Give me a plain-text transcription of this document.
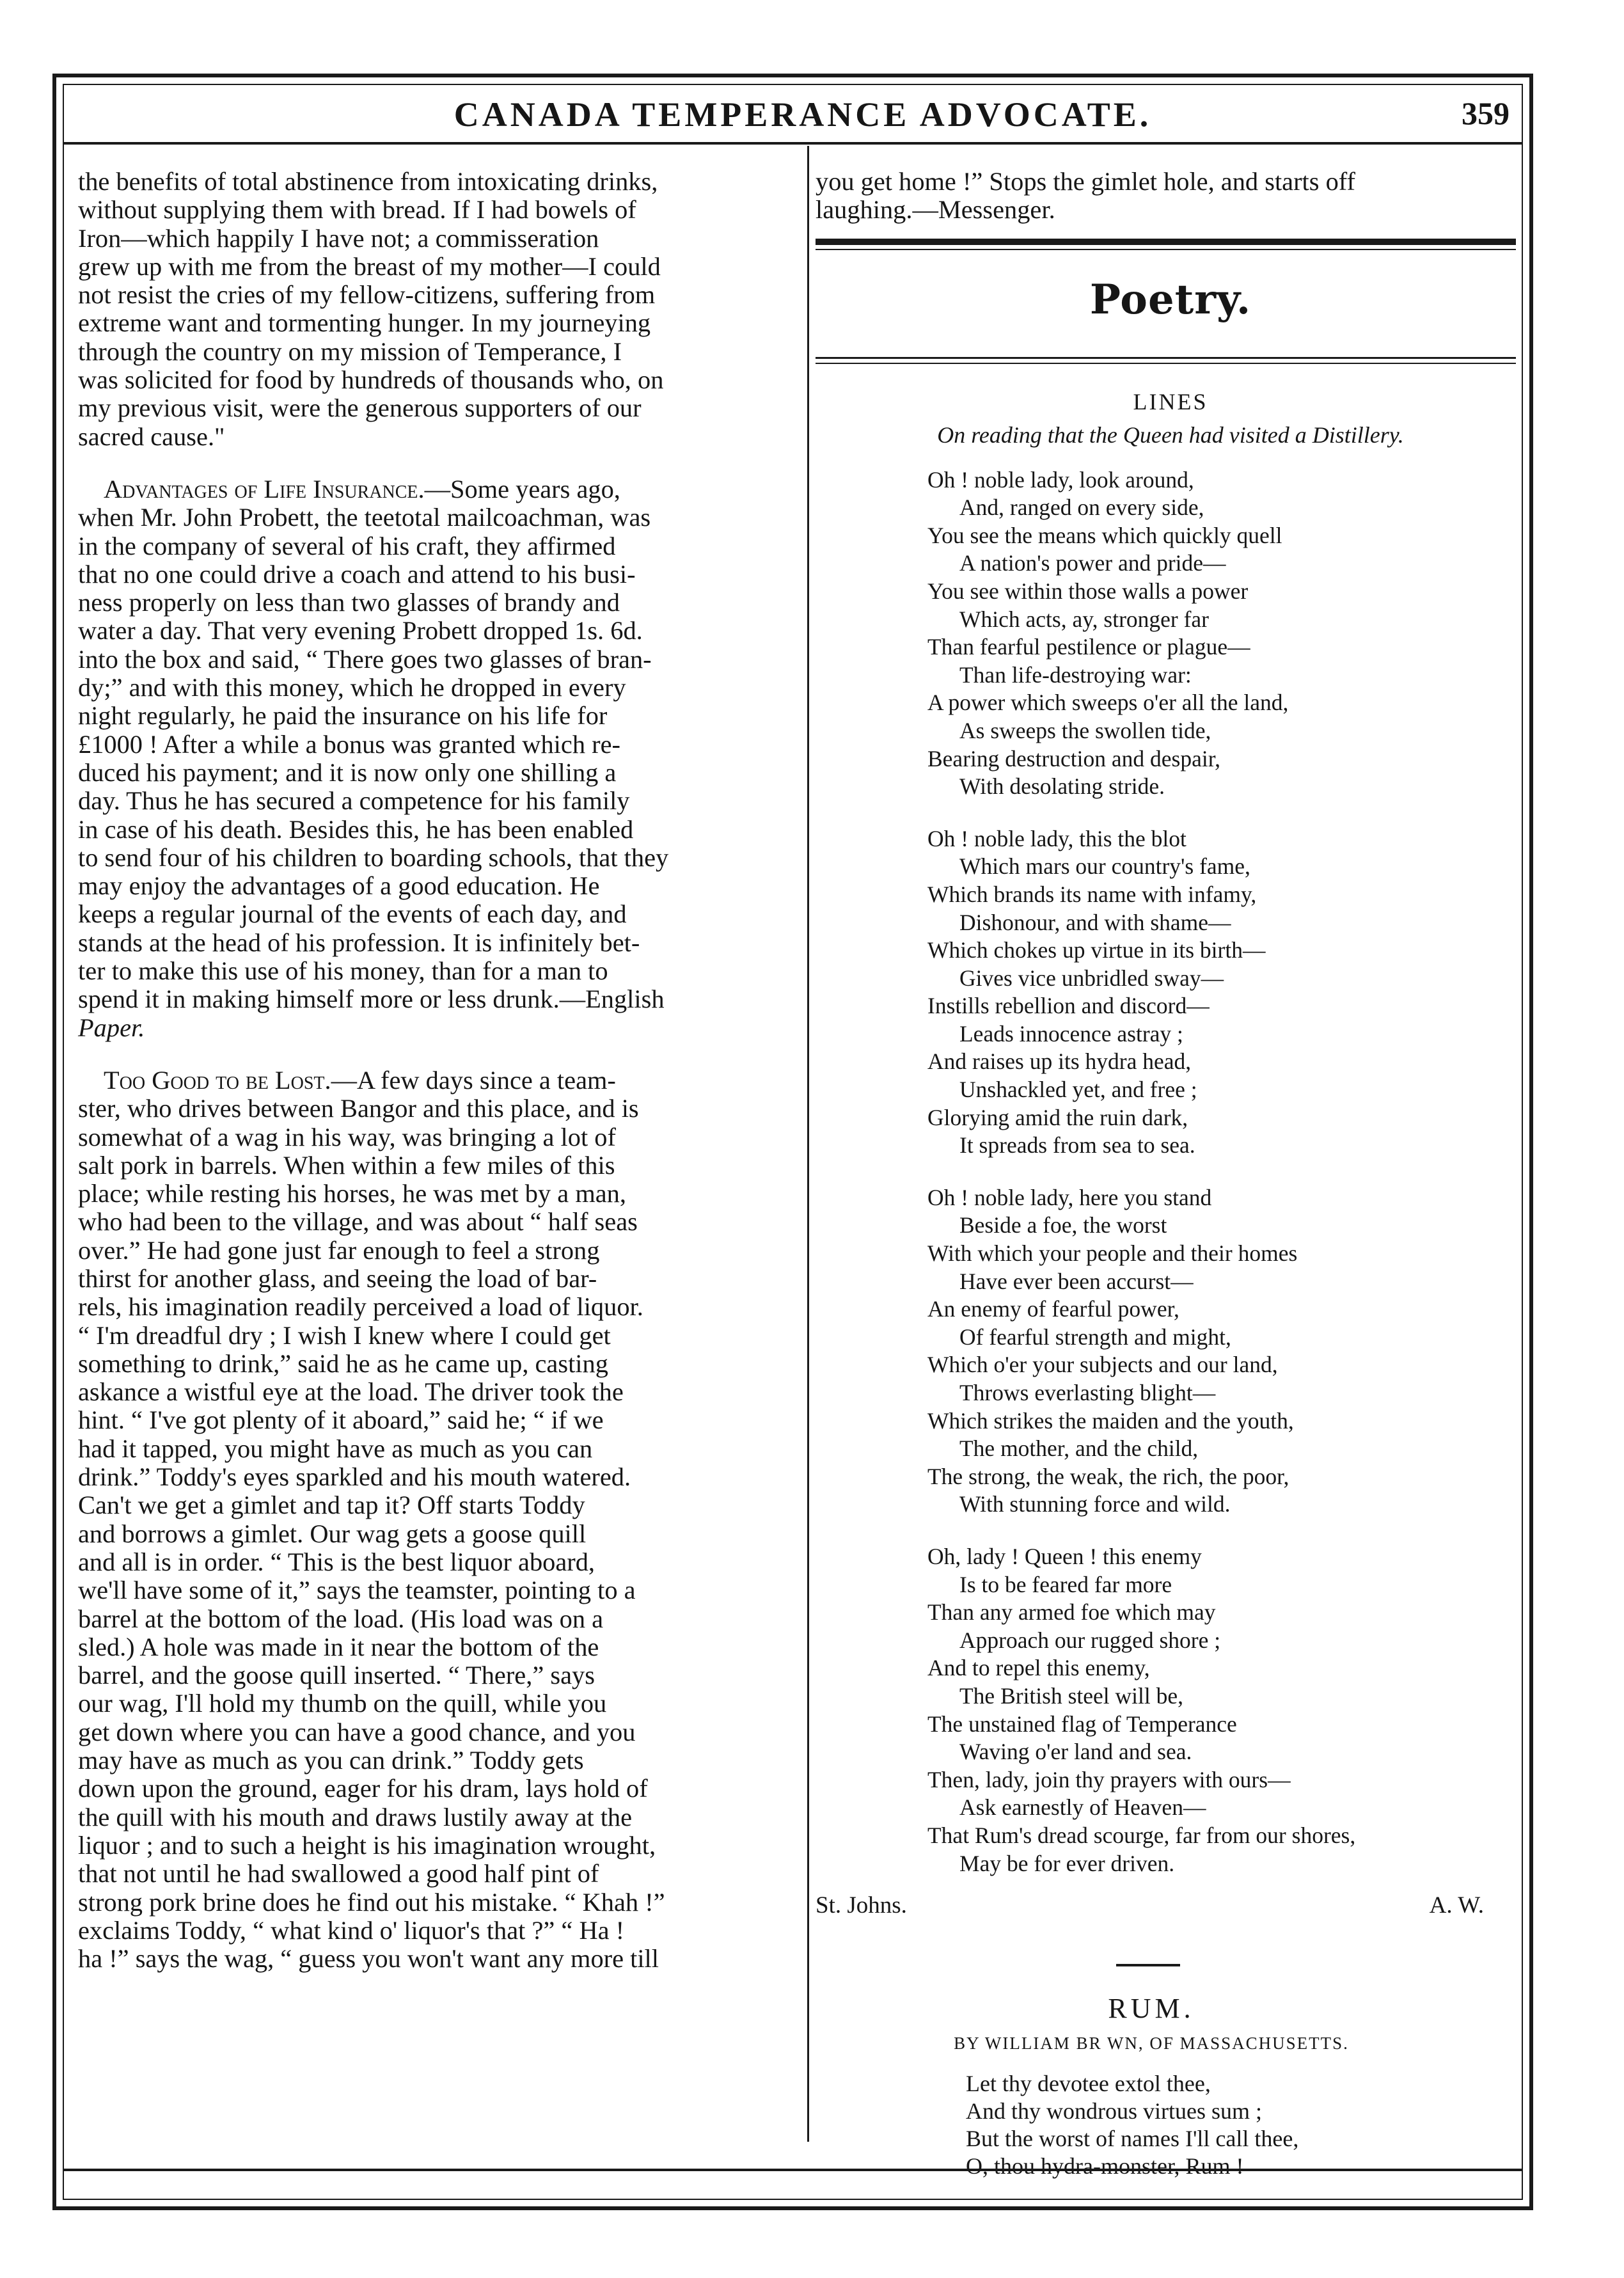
CANADA TEMPERANCE ADVOCATE.	359
the benefits of total abstinence from intoxicating drinks,
without supplying them with bread. If I had bowels of
Iron—which happily I have not; a commisseration
grew up with me from the breast of my mother—I could
not resist the cries of my fellow-citizens, suffering from
extreme want and tormenting hunger. In my journeying
through the country on my mission of Temperance, I
was solicited for food by hundreds of thousands who, on
my previous visit, were the generous supporters of our
sacred cause."
Advantages of Life Insurance.—Some years ago,
when Mr. John Probett, the teetotal mailcoachman, was
in the company of several of his craft, they affirmed
that no one could drive a coach and attend to his busi-
ness properly on less than two glasses of brandy and
water a day. That very evening Probett dropped 1s. 6d.
into the box and said, “ There goes two glasses of bran-
dy;” and with this money, which he dropped in every
night regularly, he paid the insurance on his life for
£1000 ! After a while a bonus was granted which re-
duced his payment; and it is now only one shilling a
day. Thus he has secured a competence for his family
in case of his death. Besides this, he has been enabled
to send four of his children to boarding schools, that they
may enjoy the advantages of a good education. He
keeps a regular journal of the events of each day, and
stands at the head of his profession. It is infinitely bet-
ter to make this use of his money, than for a man to
spend it in making himself more or less drunk.—English
Paper.
Too Good to be Lost.—A few days since a team-
ster, who drives between Bangor and this place, and is
somewhat of a wag in his way, was bringing a lot of
salt pork in barrels. When within a few miles of this
place; while resting his horses, he was met by a man,
who had been to the village, and was about “ half seas
over.” He had gone just far enough to feel a strong
thirst for another glass, and seeing the load of bar-
rels, his imagination readily perceived a load of liquor.
“ I'm dreadful dry ; I wish I knew where I could get
something to drink,” said he as he came up, casting
askance a wistful eye at the load. The driver took the
hint. “ I've got plenty of it aboard,” said he; “ if we
had it tapped, you might have as much as you can
drink.” Toddy's eyes sparkled and his mouth watered.
Can't we get a gimlet and tap it? Off starts Toddy
and borrows a gimlet. Our wag gets a goose quill
and all is in order. “ This is the best liquor aboard,
we'll have some of it,” says the teamster, pointing to a
barrel at the bottom of the load. (His load was on a
sled.) A hole was made in it near the bottom of the
barrel, and the goose quill inserted. “ There,” says
our wag, I'll hold my thumb on the quill, while you
get down where you can have a good chance, and you
may have as much as you can drink.” Toddy gets
down upon the ground, eager for his dram, lays hold of
the quill with his mouth and draws lustily away at the
liquor ; and to such a height is his imagination wrought,
that not until he had swallowed a good half pint of
strong pork brine does he find out his mistake. “ Khah !”
exclaims Toddy, “ what kind o' liquor's that ?” “ Ha !
ha !” says the wag, “ guess you won't want any more till
you get home !” Stops the gimlet hole, and starts off
laughing.—Messenger.
Poetry.
LINES
On reading that the Queen had visited a Distillery.
Oh ! noble lady, look around,
And, ranged on every side,
You see the means which quickly quell
A nation's power and pride—
You see within those walls a power
Which acts, ay, stronger far
Than fearful pestilence or plague—
Than life-destroying war:
A power which sweeps o'er all the land,
As sweeps the swollen tide,
Bearing destruction and despair,
With desolating stride.
Oh ! noble lady, this the blot
Which mars our country's fame,
Which brands its name with infamy,
Dishonour, and with shame—
Which chokes up virtue in its birth—
Gives vice unbridled sway—
Instills rebellion and discord—
Leads innocence astray ;
And raises up its hydra head,
Unshackled yet, and free ;
Glorying amid the ruin dark,
It spreads from sea to sea.
Oh ! noble lady, here you stand
Beside a foe, the worst
With which your people and their homes
Have ever been accurst—
An enemy of fearful power,
Of fearful strength and might,
Which o'er your subjects and our land,
Throws everlasting blight—
Which strikes the maiden and the youth,
The mother, and the child,
The strong, the weak, the rich, the poor,
With stunning force and wild.
Oh, lady ! Queen ! this enemy
Is to be feared far more
Than any armed foe which may
Approach our rugged shore ;
And to repel this enemy,
The British steel will be,
The unstained flag of Temperance
Waving o'er land and sea.
Then, lady, join thy prayers with ours—
Ask earnestly of Heaven—
That Rum's dread scourge, far from our shores,
May be for ever driven.
St. Johns.	A. W.
RUM.
BY WILLIAM BR WN, OF MASSACHUSETTS.
Let thy devotee extol thee,
And thy wondrous virtues sum ;
But the worst of names I'll call thee,
O, thou hydra-monster, Rum !
